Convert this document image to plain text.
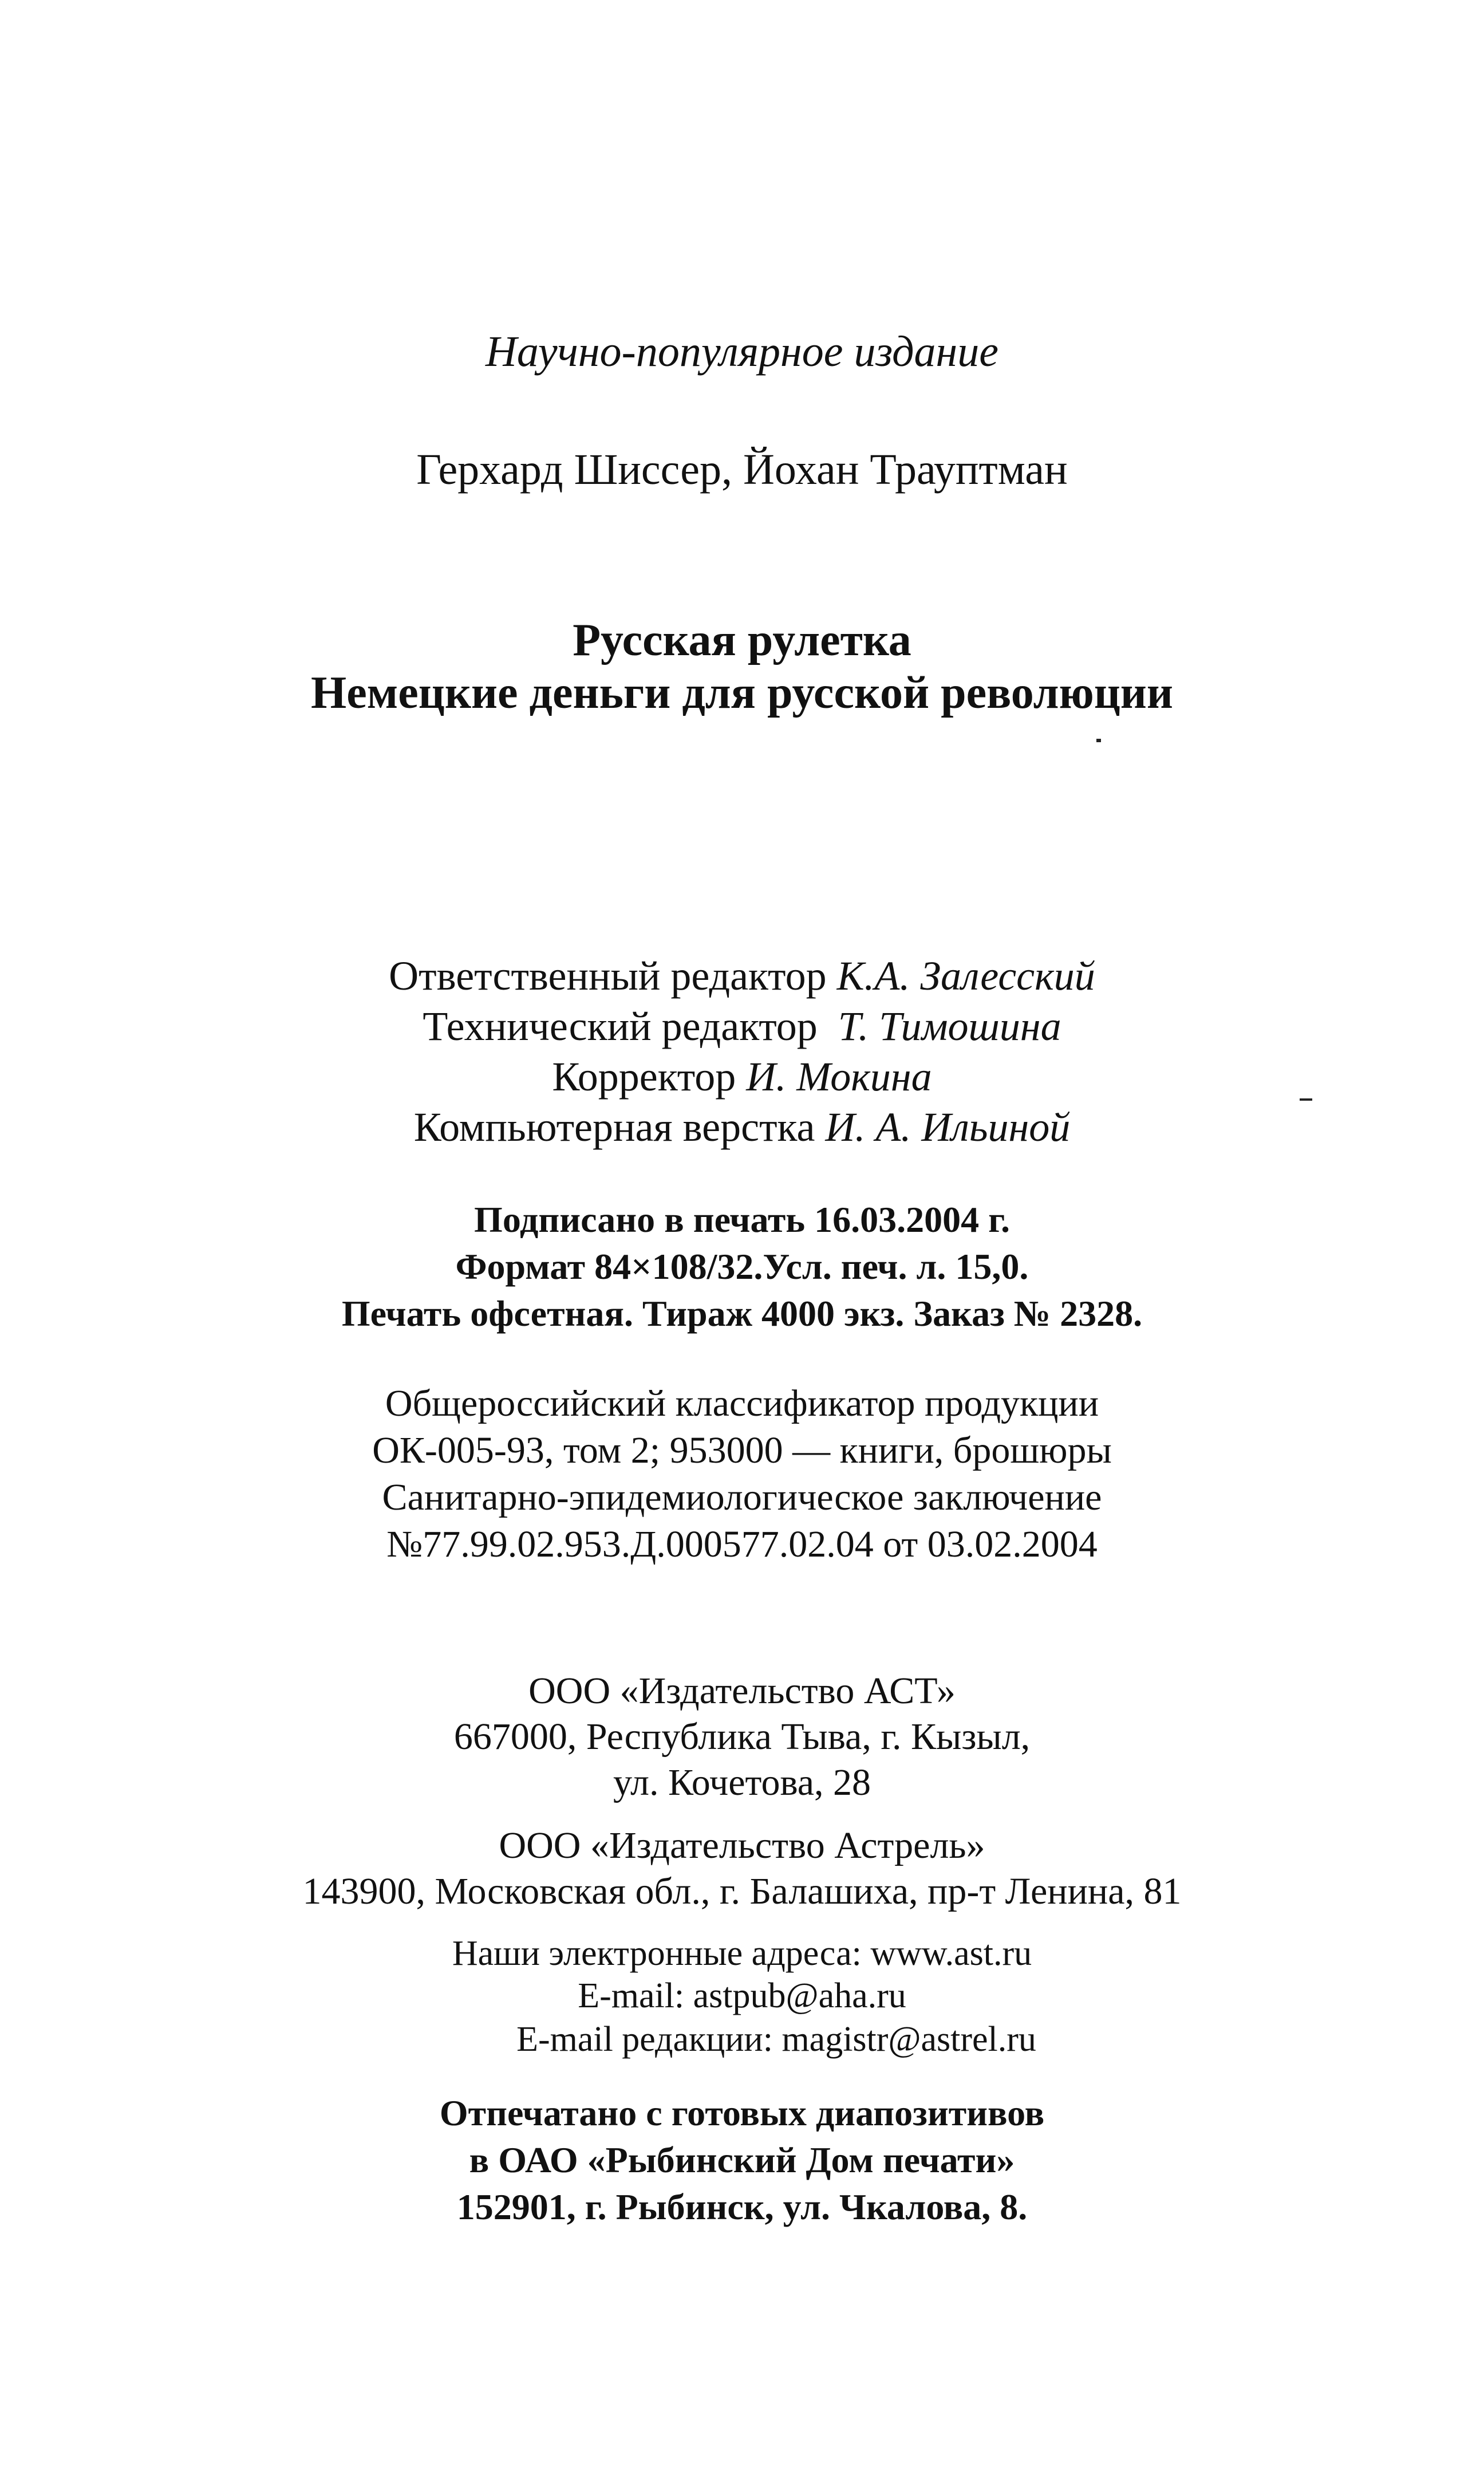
Научно-популярное издание
Герхард Шиссер, Йохан Трауптман
Русская рулетка
Немецкие деньги для русской революции
Ответственный редактор К.А. Залесский
Технический редактор Т. Тимошина
Корректор И. Мокина
Компьютерная верстка И. А. Ильиной
Подписано в печать 16.03.2004 г.
Формат 84×108/32.Усл. печ. л. 15,0.
Печать офсетная. Тираж 4000 экз. Заказ № 2328.
Общероссийский классификатор продукции
ОК-005-93, том 2; 953000 — книги, брошюры
Санитарно-эпидемиологическое заключение
№77.99.02.953.Д.000577.02.04 от 03.02.2004
ООО «Издательство АСТ»
667000, Республика Тыва, г. Кызыл,
ул. Кочетова, 28
ООО «Издательство Астрель»
143900, Московская обл., г. Балашиха, пр-т Ленина, 81
Наши электронные адреса: www.ast.ru
E-mail: astpub@aha.ru
E-mail редакции: magistr@astrel.ru
Отпечатано с готовых диапозитивов
в ОАО «Рыбинский Дом печати»
152901, г. Рыбинск, ул. Чкалова, 8.
